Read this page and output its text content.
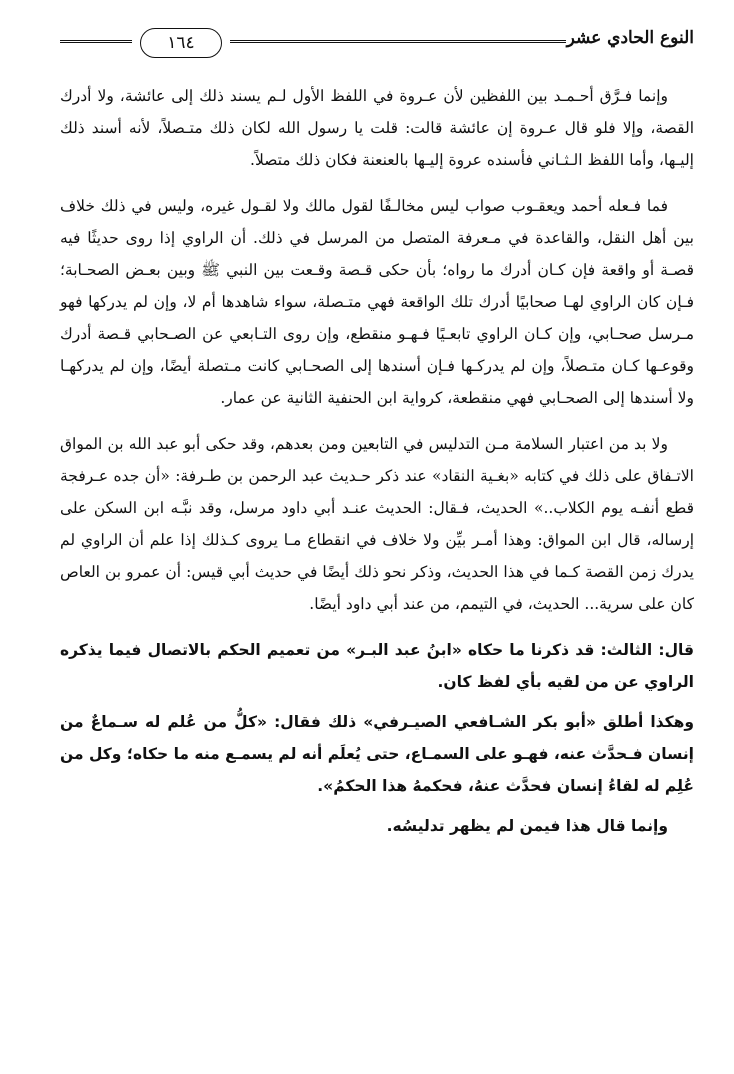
النوع الحادي عشر
١٦٤

وإنما فـرَّق أحـمـد بين اللفظين لأن عـروة في اللفظ الأول لـم يسند ذلك إلى عائشة، ولا أدرك القصة، وإلا فلو قال عـروة إن عائشة قالت: قلت يا رسول الله لكان ذلك متـصلاً، لأنه أسند ذلك إليـها، وأما اللفظ الـثـاني فأسنده عروة إليـها بالعنعنة فكان ذلك متصلاً.

فما فـعله أحمد ويعقـوب صواب ليس مخالـفًا لقول مالك ولا لقـول غيره، وليس في ذلك خلاف بين أهل النقل، والقاعدة في مـعرفة المتصل من المرسل في ذلك. أن الراوي إذا روى حديثًا فيه قصـة أو واقعة فإن كـان أدرك ما رواه؛ بأن حكى قـصة وقـعت بين النبي ﷺ وبين بعـض الصحـابة؛ فـإن كان الراوي لهـا صحابيًا أدرك تلك الواقعة فهي متـصلة، سواء شاهدها أم لا، وإن لم يدركها فهو مـرسل صحـابي، وإن كـان الراوي تابعـيًا فـهـو منقطع، وإن روى التـابعي عن الصـحابي قـصة أدرك وقوعـها كـان متـصلاً، وإن لم يدركـها فـإن أسندها إلى الصحـابي كانت مـتصلة أيضًا، وإن لم يدركهـا ولا أسندها إلى الصحـابي فهي منقطعة، كرواية ابن الحنفية الثانية عن عمار.

ولا بد من اعتبار السلامة مـن التدليس في التابعين ومن بعدهم، وقد حكى أبو عبد الله بن المواق الاتـفاق على ذلك في كتابه «بغـية النقاد» عند ذكر حـديث عبد الرحمن بن طـرفة: «أن جده عـرفجة قطع أنفـه يوم الكلاب..» الحديث، فـقال: الحديث عنـد أبي داود مرسل، وقد نبَّـه ابن السكن على إرساله، قال ابن المواق: وهذا أمـر بيِّن ولا خلاف في انقطاع مـا يروى كـذلك إذا علم أن الراوي لم يدرك زمن القصة كـما في هذا الحديث، وذكر نحو ذلك أيضًا في حديث أبي قيس: أن عمرو بن العاص كان على سرية... الحديث، في التيمم، من عند أبي داود أيضًا.

قال: الثالث: قد ذكرنا ما حكاه «ابنُ عبد البـر» من تعميم الحكم بالاتصال فيما يذكره الراوي عن من لقيه بأي لفظ كان.

وهكذا أطلق «أبو بكر الشـافعي الصيـرفي» ذلك فقال: «كلُّ من عُلم له سـماعٌ من إنسان فـحدَّث عنه، فهـو على السمـاع، حتى يُعلَم أنه لم يسمـع منه ما حكاه؛ وكل من عُلِم له لقاءُ إنسان فحدَّث عنهُ، فحكمهُ هذا الحكمُ».

وإنما قال هذا فيمن لم يظهر تدليسُه.
